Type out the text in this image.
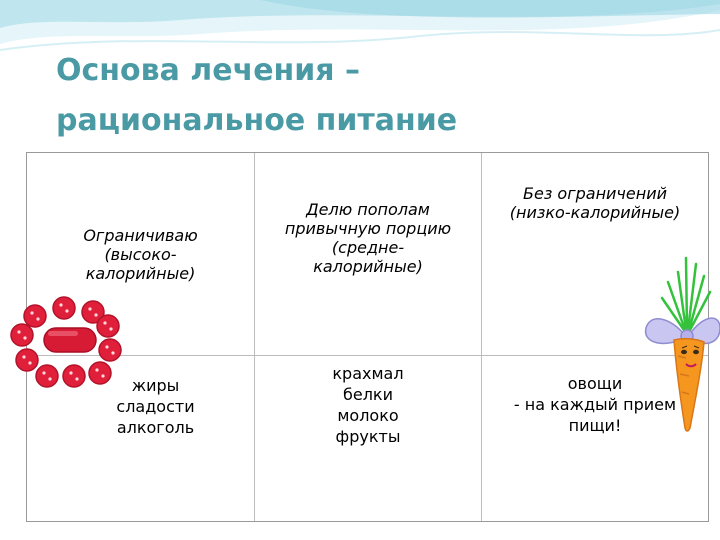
Основа лечения –
рациональное питание
Ограничиваю
(высоко-
калорийные)
Делю пополам
привычную порцию
(средне-
калорийные)
Без ограничений
(низко-калорийные)
жиры
сладости
алкоголь
крахмал
белки
молоко
фрукты
овощи
- на каждый прием
пищи!
